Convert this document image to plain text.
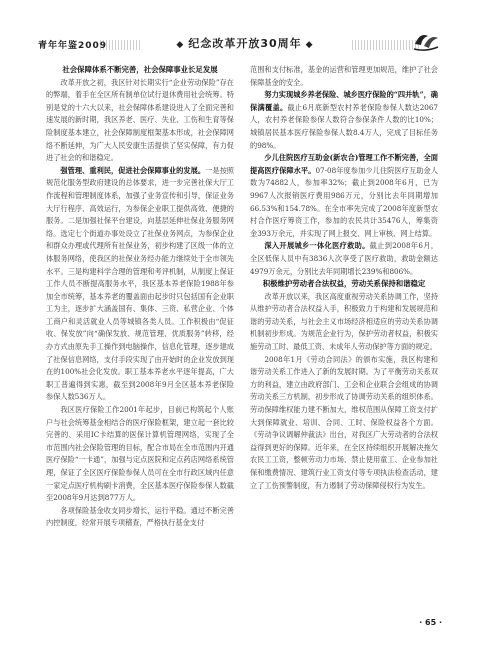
青年年鉴2009	◆ 纪念改革开放30周年 ◆

社会保障体系不断完善，社会保障事业长足发展

改革开放之初，我区针对长期实行“企业劳动保险”存在的弊端，着手在全区所有制单位试行退休费用社会统筹。特别是党的十六大以来，社会保障体系建设进入了全面完善和速发展的新时期，我区养老、医疗、失业、工伤和生育等保险制度基本建立，社会保障制度框架基本形成，社会保障网络不断延伸，为广大人民安康生活提供了坚实保障，有力促进了社会的和谐稳定。

强管理、重利民，促进社会保障事业的发展。一是按照规范化服务型政府建设的总体要求，进一步完善社保大厅工作流程和管理制度体系，加强了业务宣传和引导，保证业务大厅行程序、高效运行，为参保企业职工提供高效、便捷的服务。二是加强社保平台建设，向基层延伸社保业务服务网络。选定七个街道办事处设立了社保业务网点，为参保企业和群众办理或代理所有社保业务，初步构建了区级一体的立体服务网络，使我区的社保业务经办能力继续处于全市领先水平。三是构建科学合理的管理和考评机制，从制度上保证工作人员不断提高服务水平，我区基本养老保险1988年参加全市统筹，基本养老的覆盖面由起步时只包括国有企业职工为主，逐步扩大涵盖国有、集体、三资、私营企业、个体工商户和灵活就业人员等城镇各类人员。工作积极由“促征收、保发放”向“确保发放、规范管理、优质服务”转移，经办方式由原先手工操作到电脑操作，信息化管理，逐步建成了社保信息网络，支付手段实现了由开始时的企业发放到现在的100%社会化发放。职工基本养老水平逐年提高，广大职工普遍得到实惠，截至到2008年9月全区基本养老保险参保人数536万人。

我区医疗保险工作2001年起步，目前已构筑起个人账户与社会统筹基金相结合的医疗保险框架，建立起一套比较完善的、采用IC卡结算的医保计算机管理网络，实现了全市范围内社会保险管理的目标，配合市局在全市范围内开通医疗保险“一卡通”，加强与定点医院和定点药店网络系统管理，保证了全区医疗保险参保人员可在全市行政区域内任意一家定点医疗机构刷卡消费，全区基本医疗保险参保人数截至2008年9月达到877万人。

各项保险基金收支同步增长，运行平稳。通过不断完善内控制度，经常开展专项稽查，严格执行基金支付

范围和支付标准，基金的运营和管理更加规范，维护了社会保障基金的安全。

努力实现城乡养老保险、城乡医疗保险的“四并轨”，确保满覆盖。截止6月底新型农村养老保险参保人数达2067人，农村养老保险参保人数符合参保条件人数的比10%；城镇居民基本医疗保险参保人数8.4万人，完成了目标任务的98%。

少儿住院医疗互助金(新农合)管理工作不断完善，全面提高医疗保障水平。07-08年度参加少儿住院医疗互助金人数为74882人，参加率32%；截止到2008年6月，已为9967人次报销医疗费用986万元，分别比去年同期增加66.53%和154.78%。在全市率先完成了2008年度新型农村合作医疗筹资工作，参加的农民共计35476人，筹集资金393万余元，并实现了网上报交、网上审核、网上结算。

深入开展城乡一体化医疗救助。截止到2008年6月，全区低保人员中有3836人次享受了医疗救助，救助金额达4979万余元，分别比去年同期增长239%和806%。

积极维护劳动者合法权益，劳动关系保持和谐稳定

改革开放以来，我区高度重视劳动关系协调工作，坚持从维护劳动者合法权益入手，积极致力于构建和发展规范和谐的劳动关系，与社会主义市场经济相适应的劳动关系协调机制初步形成。为规范企业行为，保护劳动者权益，积极实施劳动工时、最低工资、未成年人劳动保护等方面的规定。

2008年1月《劳动合同法》的颁布实施，我区构建和谐劳动关系工作进入了新的发展时期。为了平衡劳动关系双方的利益，建立由政府部门、工会和企业联合会组成的协调劳动关系三方机制，初步形成了协调劳动关系的组织体系。劳动保障维权能力建不断加大，维权范围从保障工资支付扩大到保障就业、培训、合同、工时、保险权益各个方面。《劳动争议调解仲裁法》出台，对我区广大劳动者的合法权益得到更好的保障。近年来，在全区持续组织开展解决拖欠农民工工资，整顿劳动力市场、禁止使用童工、企业参加社保和缴费情况、建筑行业工资支付等专项执法检查活动，建立了工伤预警制度，有力遏制了劳动保障侵权行为发生。

· 65 ·
